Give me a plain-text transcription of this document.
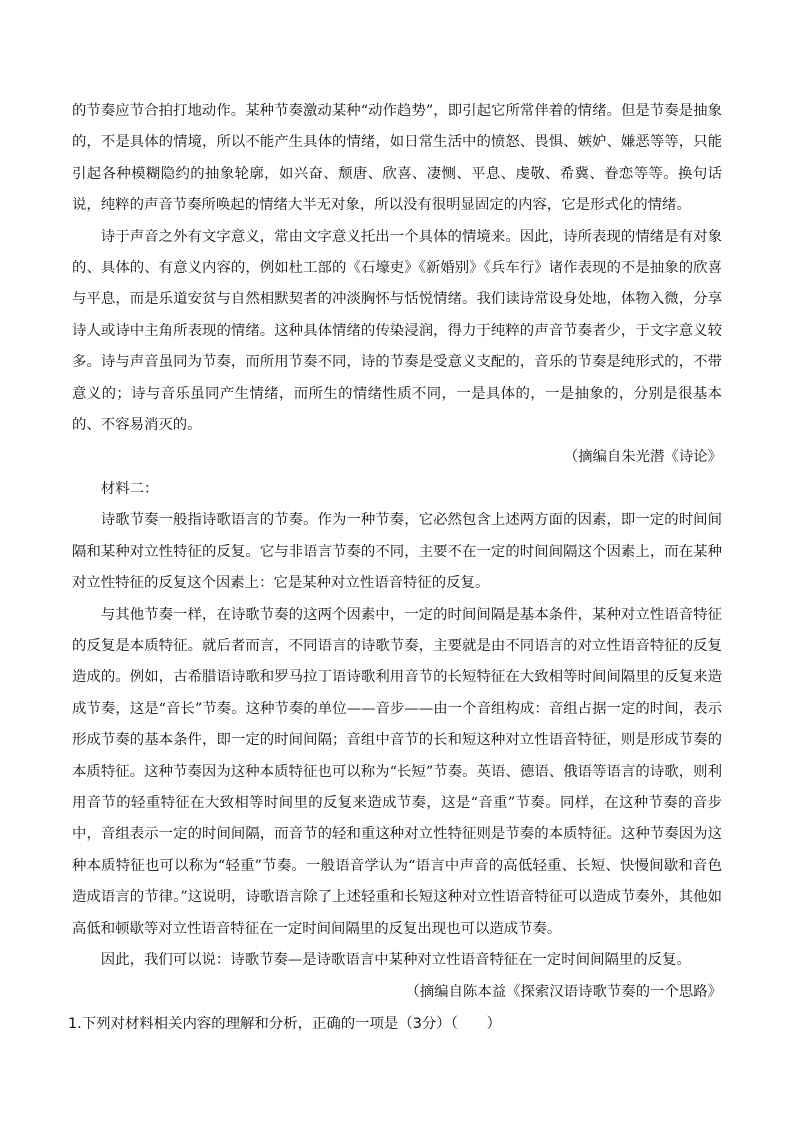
的节奏应节合拍打地动作。某种节奏激动某种“动作趋势”，即引起它所常伴着的情绪。但是节奏是抽象的，不是具体的情境，所以不能产生具体的情绪，如日常生活中的愤怒、畏惧、嫉妒、嫌恶等等，只能引起各种模糊隐约的抽象轮廓，如兴奋、颓唐、欣喜、凄恻、平息、虔敬、希冀、眷恋等等。换句话说，纯粹的声音节奏所唤起的情绪大半无对象，所以没有很明显固定的内容，它是形式化的情绪。

诗于声音之外有文字意义，常由文字意义托出一个具体的情境来。因此，诗所表现的情绪是有对象的、具体的、有意义内容的，例如杜工部的《石壕吏》《新婚别》《兵车行》诸作表现的不是抽象的欣喜与平息，而是乐道安贫与自然相默契者的冲淡胸怀与恬悦情绪。我们读诗常设身处地，体物入微，分享诗人或诗中主角所表现的情绪。这种具体情绪的传染浸润，得力于纯粹的声音节奏者少，于文字意义较多。诗与声音虽同为节奏，而所用节奏不同，诗的节奏是受意义支配的，音乐的节奏是纯形式的，不带意义的；诗与音乐虽同产生情绪，而所生的情绪性质不同，一是具体的，一是抽象的，分别是很基本的、不容易消灭的。

（摘编自朱光潜《诗论》

材料二：

诗歌节奏一般指诗歌语言的节奏。作为一种节奏，它必然包含上述两方面的因素，即一定的时间间隔和某种对立性特征的反复。它与非语言节奏的不同，主要不在一定的时间间隔这个因素上，而在某种对立性特征的反复这个因素上：它是某种对立性语音特征的反复。

与其他节奏一样，在诗歌节奏的这两个因素中，一定的时间间隔是基本条件，某种对立性语音特征的反复是本质特征。就后者而言，不同语言的诗歌节奏，主要就是由不同语言的对立性语音特征的反复造成的。例如，古希腊语诗歌和罗马拉丁语诗歌利用音节的长短特征在大致相等时间间隔里的反复来造成节奏，这是“音长”节奏。这种节奏的单位——音步——由一个音组构成：音组占据一定的时间，表示形成节奏的基本条件，即一定的时间间隔；音组中音节的长和短这种对立性语音特征，则是形成节奏的本质特征。这种节奏因为这种本质特征也可以称为“长短”节奏。英语、德语、俄语等语言的诗歌，则利用音节的轻重特征在大致相等时间里的反复来造成节奏，这是“音重”节奏。同样，在这种节奏的音步中，音组表示一定的时间间隔，而音节的轻和重这种对立性特征则是节奏的本质特征。这种节奏因为这种本质特征也可以称为“轻重”节奏。一般语音学认为“语言中声音的高低轻重、长短、快慢间歇和音色造成语言的节律。”这说明，诗歌语言除了上述轻重和长短这种对立性语音特征可以造成节奏外，其他如高低和顿歇等对立性语音特征在一定时间间隔里的反复出现也可以造成节奏。

因此，我们可以说：诗歌节奏—是诗歌语言中某种对立性语音特征在一定时间间隔里的反复。

（摘编自陈本益《探索汉语诗歌节奏的一个思路》

1.下列对材料相关内容的理解和分析，正确的一项是（3分）（　　）
